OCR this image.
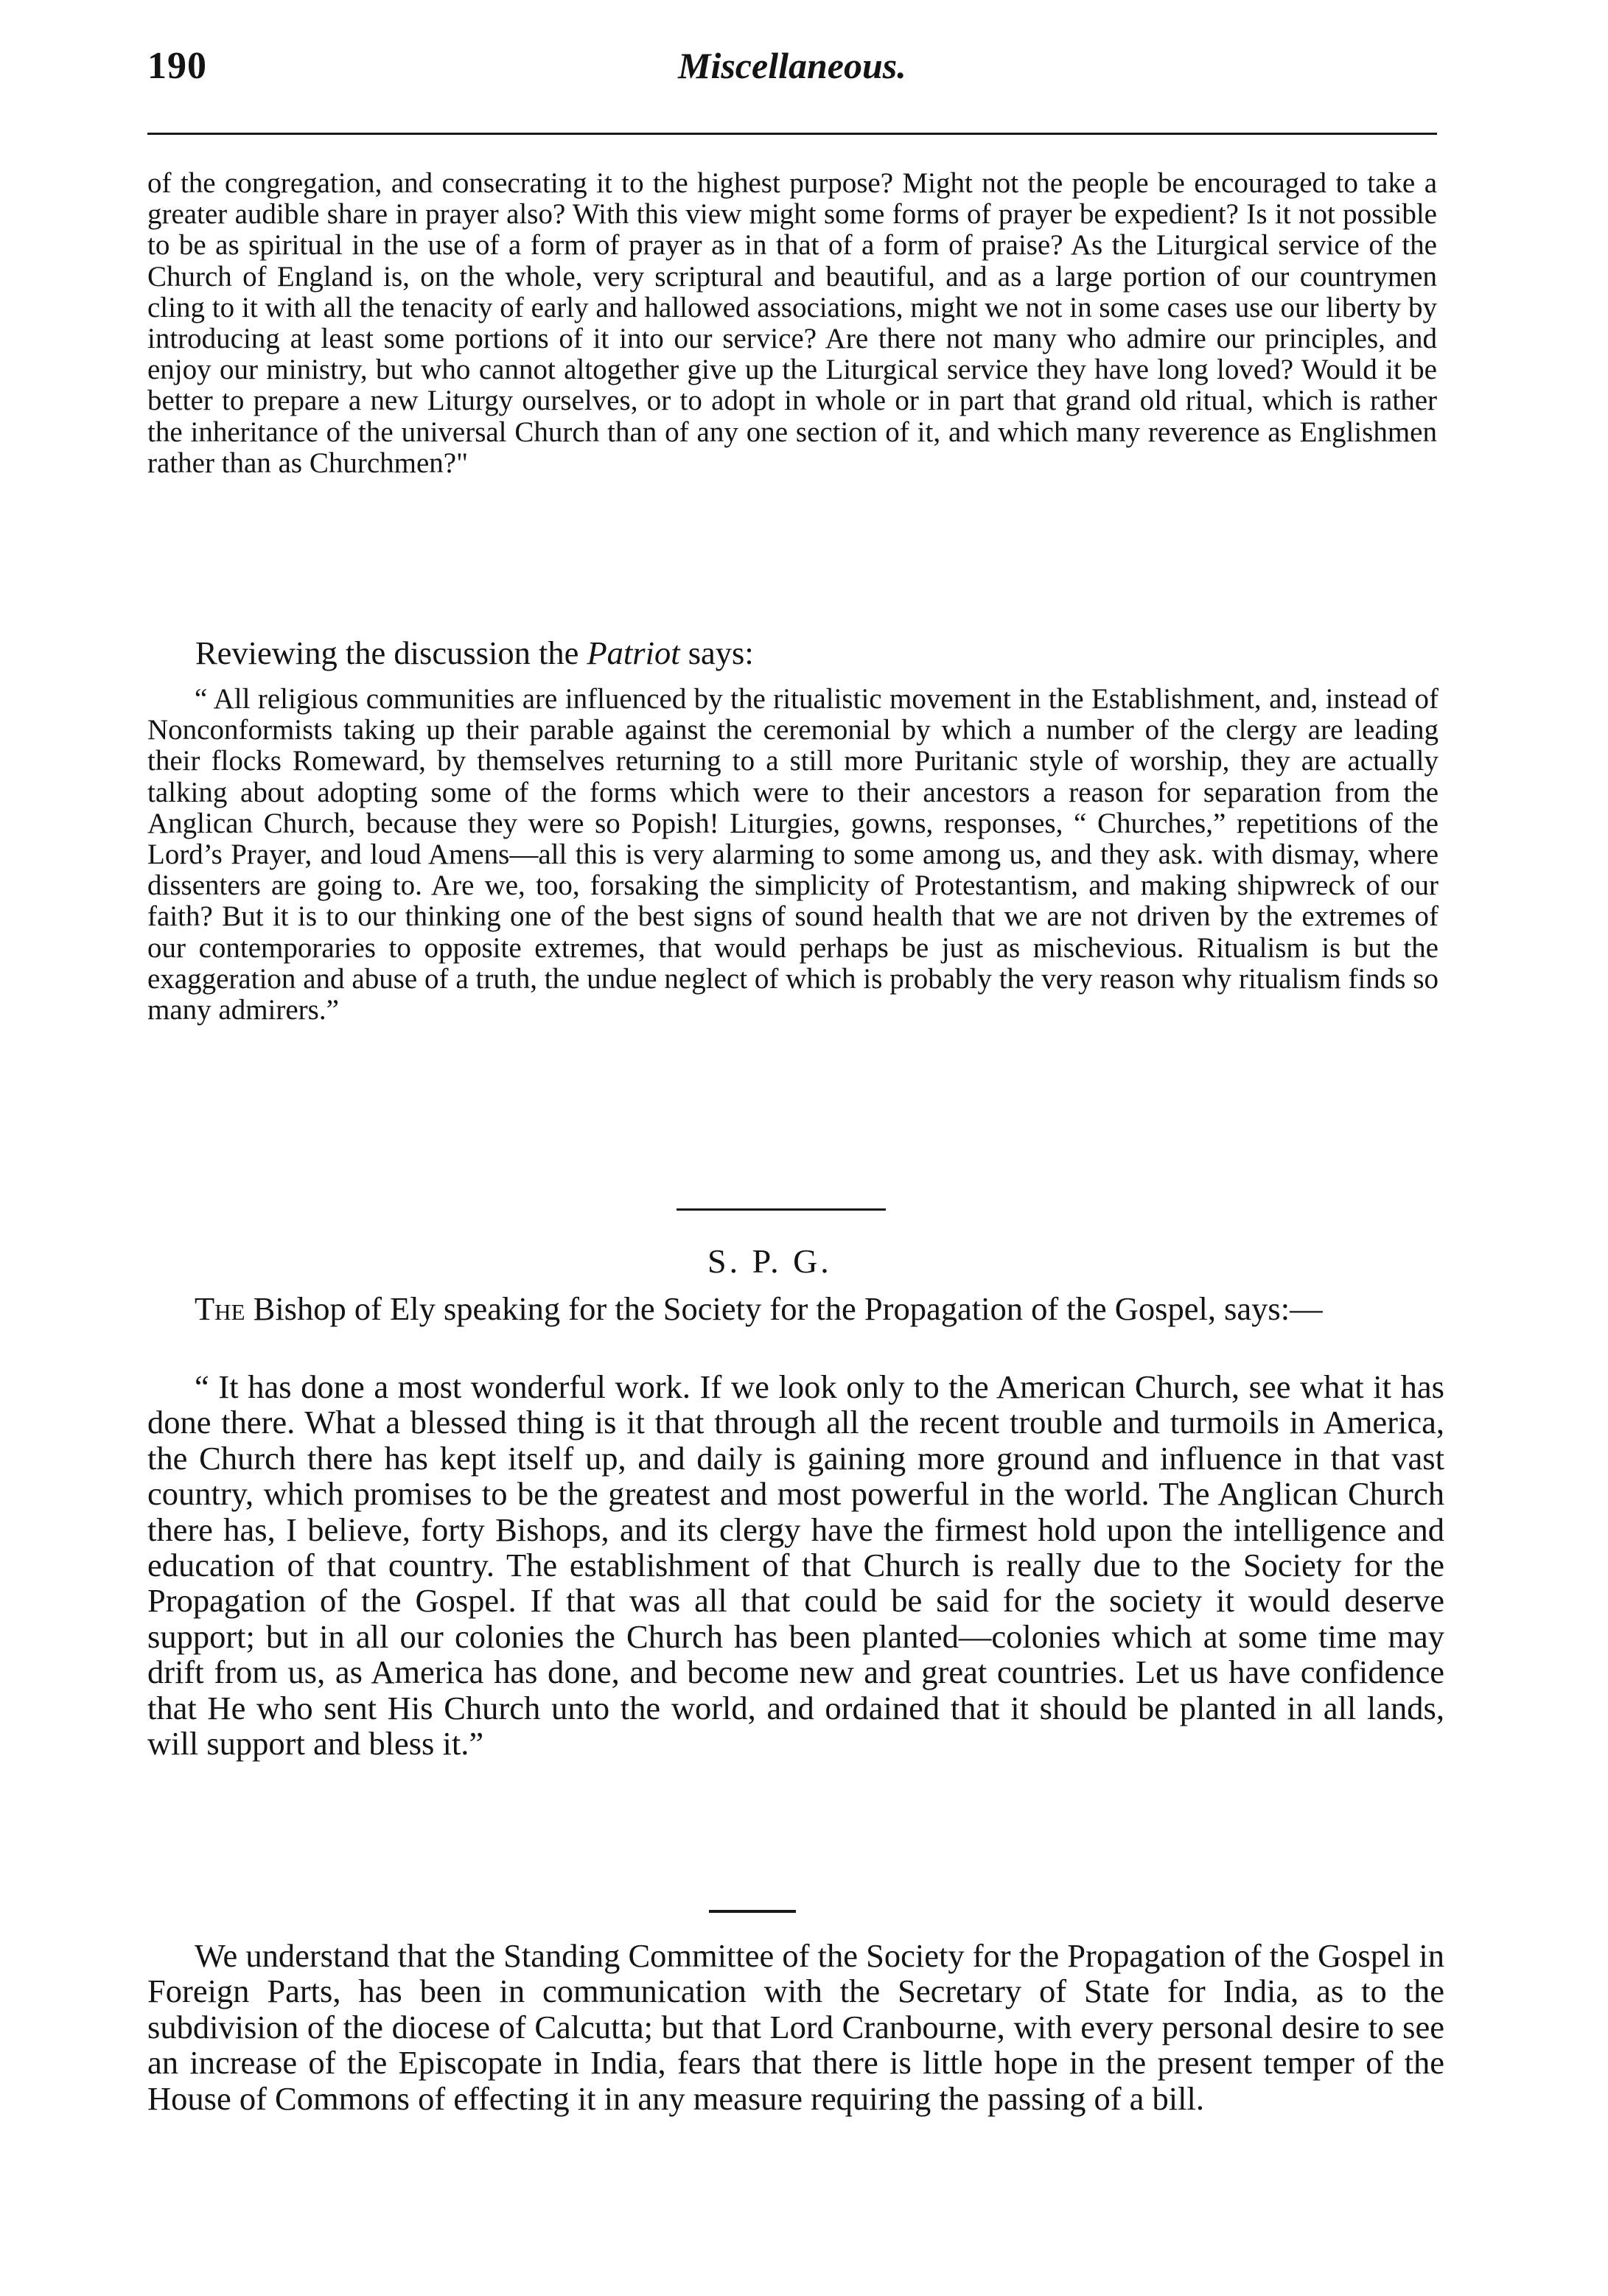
190	Miscellaneous.

of the congregation, and consecrating it to the highest purpose? Might not the people be encouraged to take a greater audible share in prayer also? With this view might some forms of prayer be expedient? Is it not possible to be as spiritual in the use of a form of prayer as in that of a form of praise? As the Liturgical service of the Church of England is, on the whole, very scriptural and beautiful, and as a large portion of our countrymen cling to it with all the tenacity of early and hallowed associations, might we not in some cases use our liberty by introducing at least some portions of it into our service? Are there not many who admire our principles, and enjoy our ministry, but who cannot altogether give up the Liturgical service they have long loved? Would it be better to prepare a new Liturgy ourselves, or to adopt in whole or in part that grand old ritual, which is rather the inheritance of the universal Church than of any one section of it, and which many reverence as Englishmen rather than as Churchmen?"

Reviewing the discussion the Patriot says:

“ All religious communities are influenced by the ritualistic movement in the Establishment, and, instead of Nonconformists taking up their parable against the ceremonial by which a number of the clergy are leading their flocks Romeward, by themselves returning to a still more Puritanic style of worship, they are actually talking about adopting some of the forms which were to their ancestors a reason for separation from the Anglican Church, because they were so Popish! Liturgies, gowns, responses, “ Churches,” repetitions of the Lord’s Prayer, and loud Amens—all this is very alarming to some among us, and they ask. with dismay, where dissenters are going to. Are we, too, forsaking the simplicity of Protestantism, and making shipwreck of our faith? But it is to our thinking one of the best signs of sound health that we are not driven by the extremes of our contemporaries to opposite extremes, that would perhaps be just as mischevious. Ritualism is but the exaggeration and abuse of a truth, the undue neglect of which is probably the very reason why ritualism finds so many admirers.”

S. P. G.

The Bishop of Ely speaking for the Society for the Propagation of the Gospel, says:—

“ It has done a most wonderful work. If we look only to the American Church, see what it has done there. What a blessed thing is it that through all the recent trouble and turmoils in America, the Church there has kept itself up, and daily is gaining more ground and influence in that vast country, which promises to be the greatest and most powerful in the world. The Anglican Church there has, I believe, forty Bishops, and its clergy have the firmest hold upon the intelligence and education of that country. The establishment of that Church is really due to the Society for the Propagation of the Gospel. If that was all that could be said for the society it would deserve support; but in all our colonies the Church has been planted—colonies which at some time may drift from us, as America has done, and become new and great countries. Let us have confidence that He who sent His Church unto the world, and ordained that it should be planted in all lands, will support and bless it.”

We understand that the Standing Committee of the Society for the Propagation of the Gospel in Foreign Parts, has been in communication with the Secretary of State for India, as to the subdivision of the diocese of Calcutta; but that Lord Cranbourne, with every personal desire to see an increase of the Episcopate in India, fears that there is little hope in the present temper of the House of Commons of effecting it in any measure requiring the passing of a bill.
